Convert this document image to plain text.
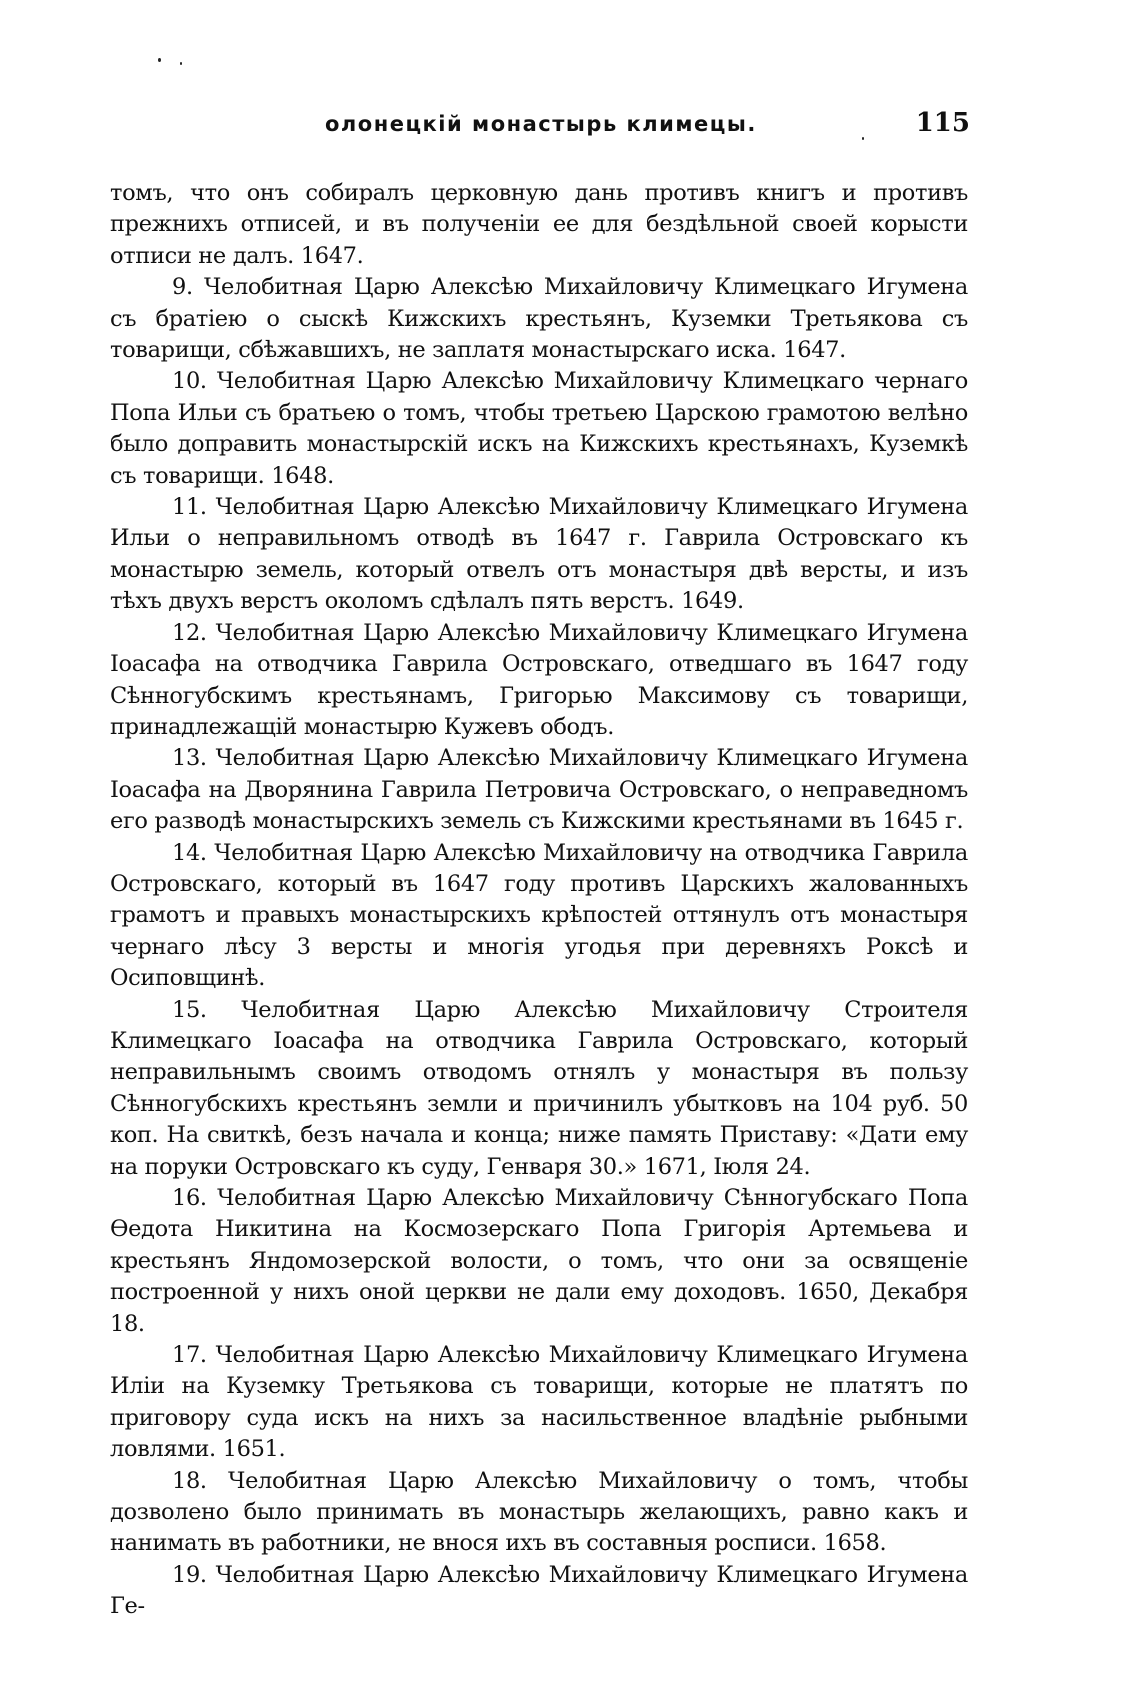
олонецкій монастырь климецы.	115

томъ, что онъ собиралъ церковную дань противъ книгъ и противъ прежнихъ отписей, и въ полученіи ее для бездѣльной своей корысти отписи не далъ. 1647.

9. Челобитная Царю Алексѣю Михайловичу Климецкаго Игумена съ братіею о сыскѣ Кижскихъ крестьянъ, Куземки Третьякова съ товарищи, сбѣжавшихъ, не заплатя монастырскаго иска. 1647.

10. Челобитная Царю Алексѣю Михайловичу Климецкаго чернаго Попа Ильи съ братьею о томъ, чтобы третьею Царскою грамотою велѣно было доправить монастырскій искъ на Кижскихъ крестьянахъ, Куземкѣ съ товарищи. 1648.

11. Челобитная Царю Алексѣю Михайловичу Климецкаго Игумена Ильи о неправильномъ отводѣ въ 1647 г. Гаврила Островскаго къ монастырю земель, который отвелъ отъ монастыря двѣ версты, и изъ тѣхъ двухъ верстъ околомъ сдѣлалъ пять верстъ. 1649.

12. Челобитная Царю Алексѣю Михайловичу Климецкаго Игумена Іоасафа на отводчика Гаврила Островскаго, отведшаго въ 1647 году Сѣнногубскимъ крестьянамъ, Григорью Максимову съ товарищи, принадлежащій монастырю Кужевъ ободъ.

13. Челобитная Царю Алексѣю Михайловичу Климецкаго Игумена Іоасафа на Дворянина Гаврила Петровича Островскаго, о неправедномъ его разводѣ монастырскихъ земель съ Кижскими крестьянами въ 1645 г.

14. Челобитная Царю Алексѣю Михайловичу на отводчика Гаврила Островскаго, который въ 1647 году противъ Царскихъ жалованныхъ грамотъ и правыхъ монастырскихъ крѣпостей оттянулъ отъ монастыря чернаго лѣсу 3 версты и многія угодья при деревняхъ Роксѣ и Осиповщинѣ.

15. Челобитная Царю Алексѣю Михайловичу Строителя Климецкаго Іоасафа на отводчика Гаврила Островскаго, который неправильнымъ своимъ отводомъ отнялъ у монастыря въ пользу Сѣнногубскихъ крестьянъ земли и причинилъ убытковъ на 104 руб. 50 коп. На свиткѣ, безъ начала и конца; ниже память Приставу: «Дати ему на поруки Островскаго къ суду, Генваря 30.» 1671, Іюля 24.

16. Челобитная Царю Алексѣю Михайловичу Сѣнногубскаго Попа Ѳедота Никитина на Космозерскаго Попа Григорія Артемьева и крестьянъ Яндомозерской волости, о томъ, что они за освященіе построенной у нихъ оной церкви не дали ему доходовъ. 1650, Декабря 18.

17. Челобитная Царю Алексѣю Михайловичу Климецкаго Игумена Иліи на Куземку Третьякова съ товарищи, которые не платятъ по приговору суда искъ на нихъ за насильственное владѣніе рыбными ловлями. 1651.

18. Челобитная Царю Алексѣю Михайловичу о томъ, чтобы дозволено было принимать въ монастырь желающихъ, равно какъ и нанимать въ работники, не внося ихъ въ составныя росписи. 1658.

19. Челобитная Царю Алексѣю Михайловичу Климецкаго Игумена Ге-
